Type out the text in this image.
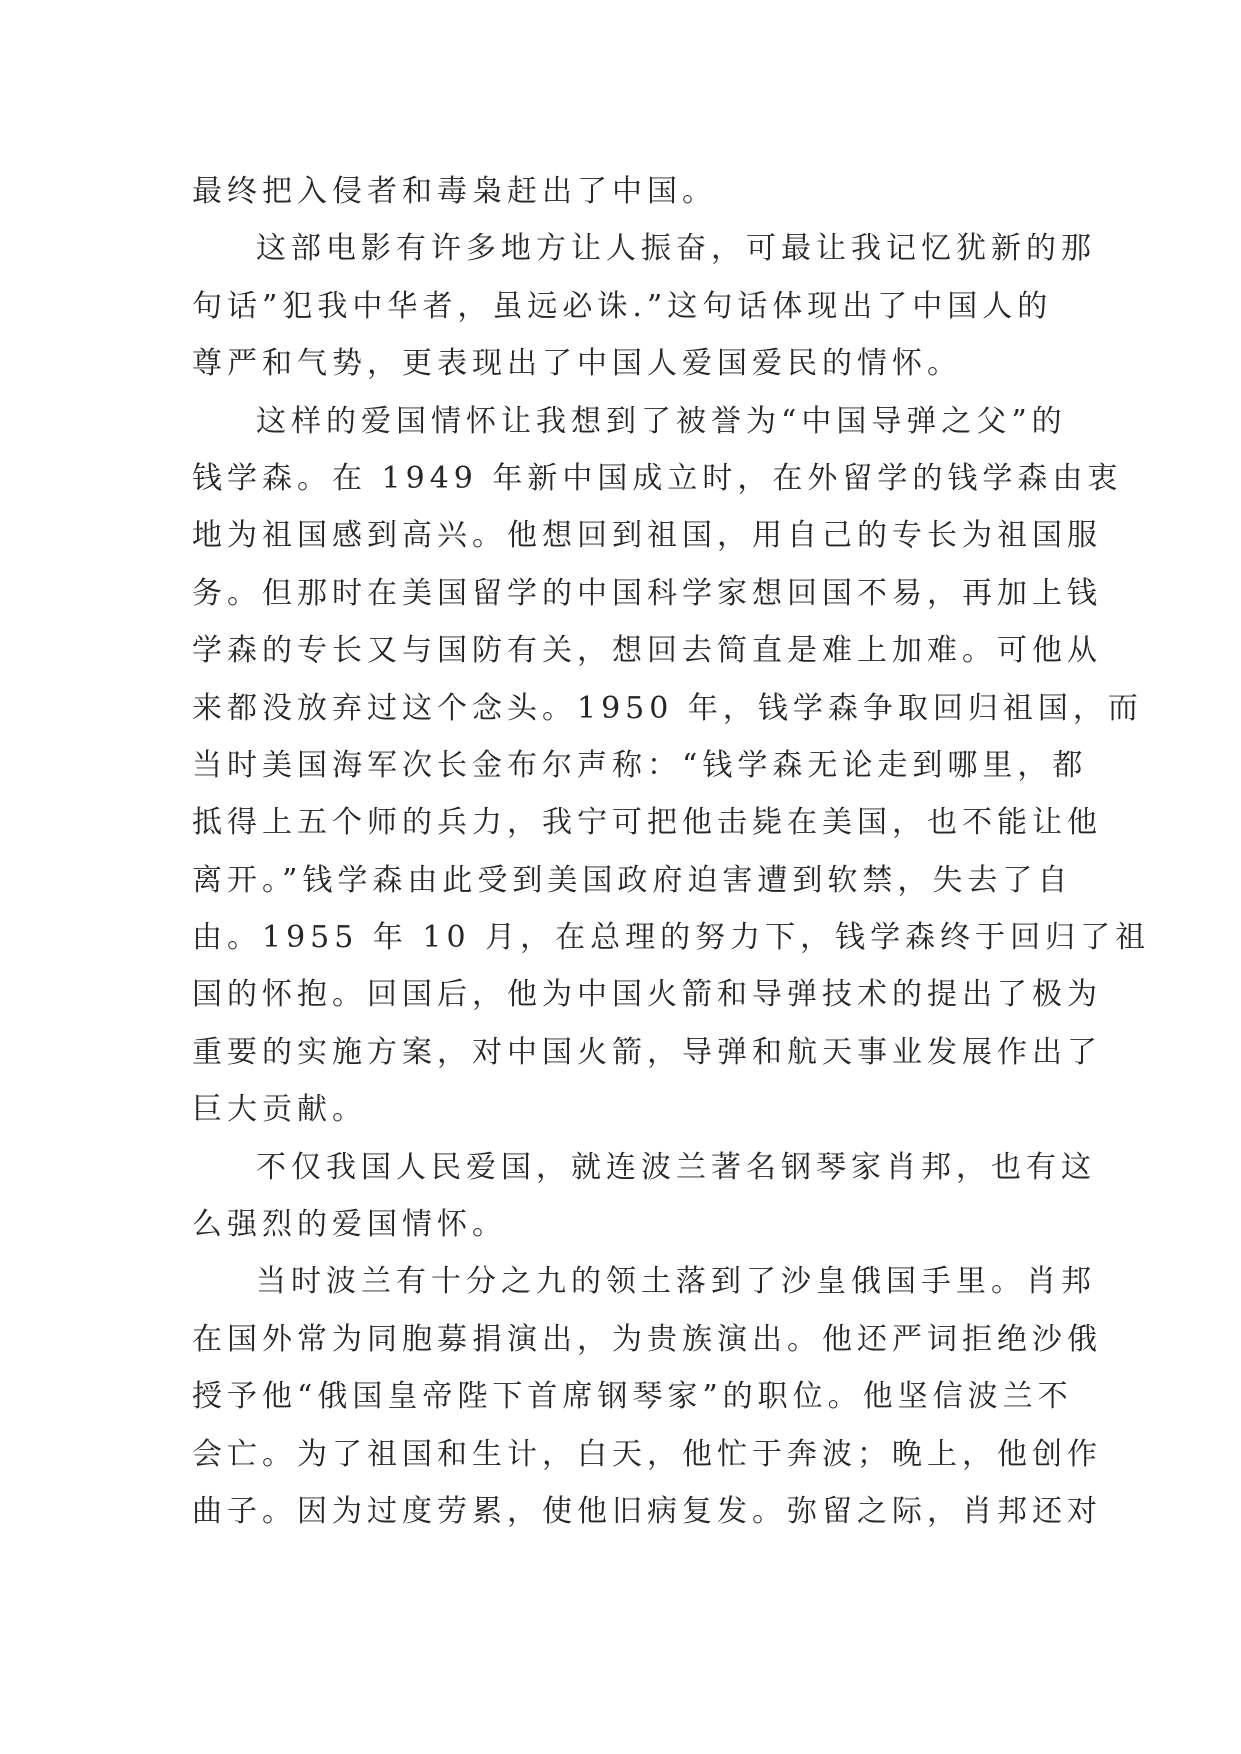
最终把入侵者和毒枭赶出了中国。
这部电影有许多地方让人振奋，可最让我记忆犹新的那
句话”犯我中华者，虽远必诛.”这句话体现出了中国人的
尊严和气势，更表现出了中国人爱国爱民的情怀。
这样的爱国情怀让我想到了被誉为“中国导弹之父”的
钱学森。在 1949 年新中国成立时，在外留学的钱学森由衷
地为祖国感到高兴。他想回到祖国，用自己的专长为祖国服
务。但那时在美国留学的中国科学家想回国不易，再加上钱
学森的专长又与国防有关，想回去简直是难上加难。可他从
来都没放弃过这个念头。1950 年，钱学森争取回归祖国，而
当时美国海军次长金布尔声称：“钱学森无论走到哪里，都
抵得上五个师的兵力，我宁可把他击毙在美国，也不能让他
离开。”钱学森由此受到美国政府迫害遭到软禁，失去了自
由。1955 年 10 月，在总理的努力下，钱学森终于回归了祖
国的怀抱。回国后，他为中国火箭和导弹技术的提出了极为
重要的实施方案，对中国火箭，导弹和航天事业发展作出了
巨大贡献。
不仅我国人民爱国，就连波兰著名钢琴家肖邦，也有这
么强烈的爱国情怀。
当时波兰有十分之九的领土落到了沙皇俄国手里。肖邦
在国外常为同胞募捐演出，为贵族演出。他还严词拒绝沙俄
授予他“俄国皇帝陛下首席钢琴家”的职位。他坚信波兰不
会亡。为了祖国和生计，白天，他忙于奔波；晚上，他创作
曲子。因为过度劳累，使他旧病复发。弥留之际，肖邦还对
